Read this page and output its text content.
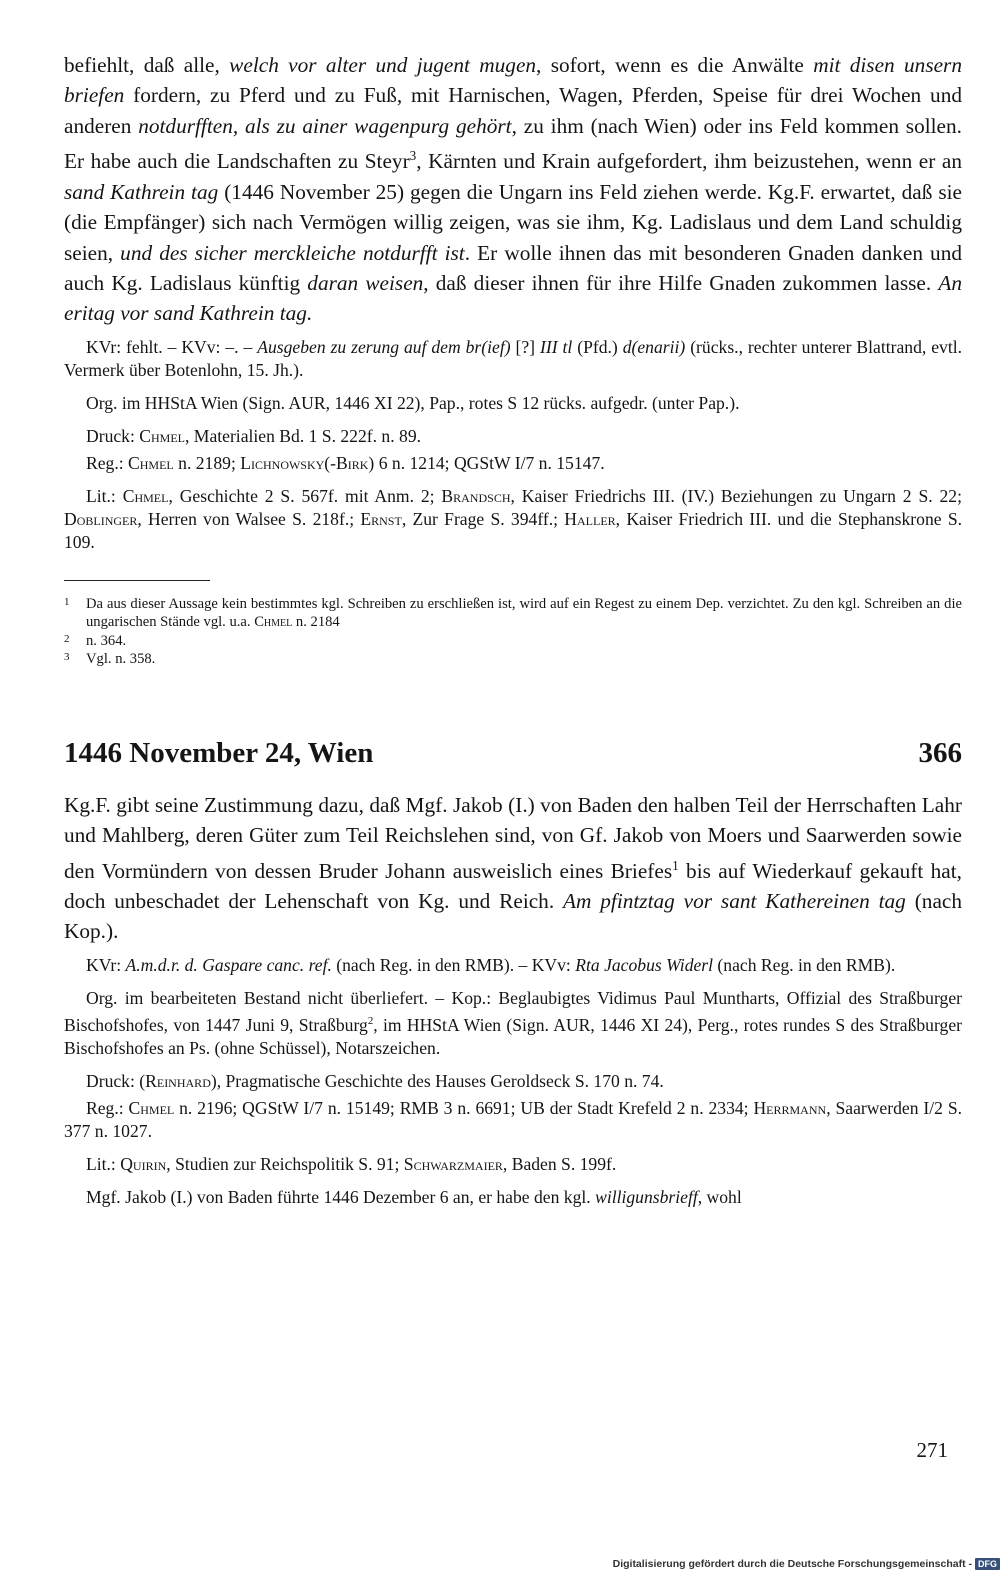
befiehlt, daß alle, welch vor alter und jugent mugen, sofort, wenn es die Anwälte mit disen unsern briefen fordern, zu Pferd und zu Fuß, mit Harnischen, Wagen, Pferden, Speise für drei Wochen und anderen notdurfften, als zu ainer wagenpurg gehört, zu ihm (nach Wien) oder ins Feld kommen sollen. Er habe auch die Landschaften zu Steyr$^3$, Kärnten und Krain aufgefordert, ihm beizustehen, wenn er an sand Kathrein tag (1446 November 25) gegen die Ungarn ins Feld ziehen werde. Kg.F. erwartet, daß sie (die Empfänger) sich nach Vermögen willig zeigen, was sie ihm, Kg. Ladislaus und dem Land schuldig seien, und des sicher merckleiche notdurfft ist. Er wolle ihnen das mit besonderen Gnaden danken und auch Kg. Ladislaus künftig daran weisen, daß dieser ihnen für ihre Hilfe Gnaden zukommen lasse. An eritag vor sand Kathrein tag.

KVr: fehlt. – KVv: –. – Ausgeben zu zerung auf dem br(ief) [?] III tl (Pfd.) d(enarii) (rücks., rechter unterer Blattrand, evtl. Vermerk über Botenlohn, 15. Jh.).

Org. im HHStA Wien (Sign. AUR, 1446 XI 22), Pap., rotes S 12 rücks. aufgedr. (unter Pap.).

Druck: Chmel, Materialien Bd. 1 S. 222f. n. 89.

Reg.: Chmel n. 2189; Lichnowsky(-Birk) 6 n. 1214; QGStW I/7 n. 15147.

Lit.: Chmel, Geschichte 2 S. 567f. mit Anm. 2; Brandsch, Kaiser Friedrichs III. (IV.) Beziehungen zu Ungarn 2 S. 22; Doblinger, Herren von Walsee S. 218f.; Ernst, Zur Frage S. 394ff.; Haller, Kaiser Friedrich III. und die Stephanskrone S. 109.

1	Da aus dieser Aussage kein bestimmtes kgl. Schreiben zu erschließen ist, wird auf ein Regest zu einem Dep. verzichtet. Zu den kgl. Schreiben an die ungarischen Stände vgl. u.a. Chmel n. 2184
2	n. 364.
3	Vgl. n. 358.
1446 November 24, Wien	366

Kg.F. gibt seine Zustimmung dazu, daß Mgf. Jakob (I.) von Baden den halben Teil der Herrschaften Lahr und Mahlberg, deren Güter zum Teil Reichslehen sind, von Gf. Jakob von Moers und Saarwerden sowie den Vormündern von dessen Bruder Johann ausweislich eines Briefes$^1$ bis auf Wiederkauf gekauft hat, doch unbeschadet der Lehenschaft von Kg. und Reich. Am pfintztag vor sant Kathereinen tag (nach Kop.).

KVr: A.m.d.r. d. Gaspare canc. ref. (nach Reg. in den RMB). – KVv: Rta Jacobus Widerl (nach Reg. in den RMB).

Org. im bearbeiteten Bestand nicht überliefert. – Kop.: Beglaubigtes Vidimus Paul Muntharts, Offizial des Straßburger Bischofshofes, von 1447 Juni 9, Straßburg$^2$, im HHStA Wien (Sign. AUR, 1446 XI 24), Perg., rotes rundes S des Straßburger Bischofshofes an Ps. (ohne Schüssel), Notarszeichen.

Druck: (Reinhard), Pragmatische Geschichte des Hauses Geroldseck S. 170 n. 74.

Reg.: Chmel n. 2196; QGStW I/7 n. 15149; RMB 3 n. 6691; UB der Stadt Krefeld 2 n. 2334; Herrmann, Saarwerden I/2 S. 377 n. 1027.

Lit.: Quirin, Studien zur Reichspolitik S. 91; Schwarzmaier, Baden S. 199f.

Mgf. Jakob (I.) von Baden führte 1446 Dezember 6 an, er habe den kgl. willigunsbrieff, wohl

271
Digitalisierung gefördert durch die Deutsche Forschungsgemeinschaft - DFG
